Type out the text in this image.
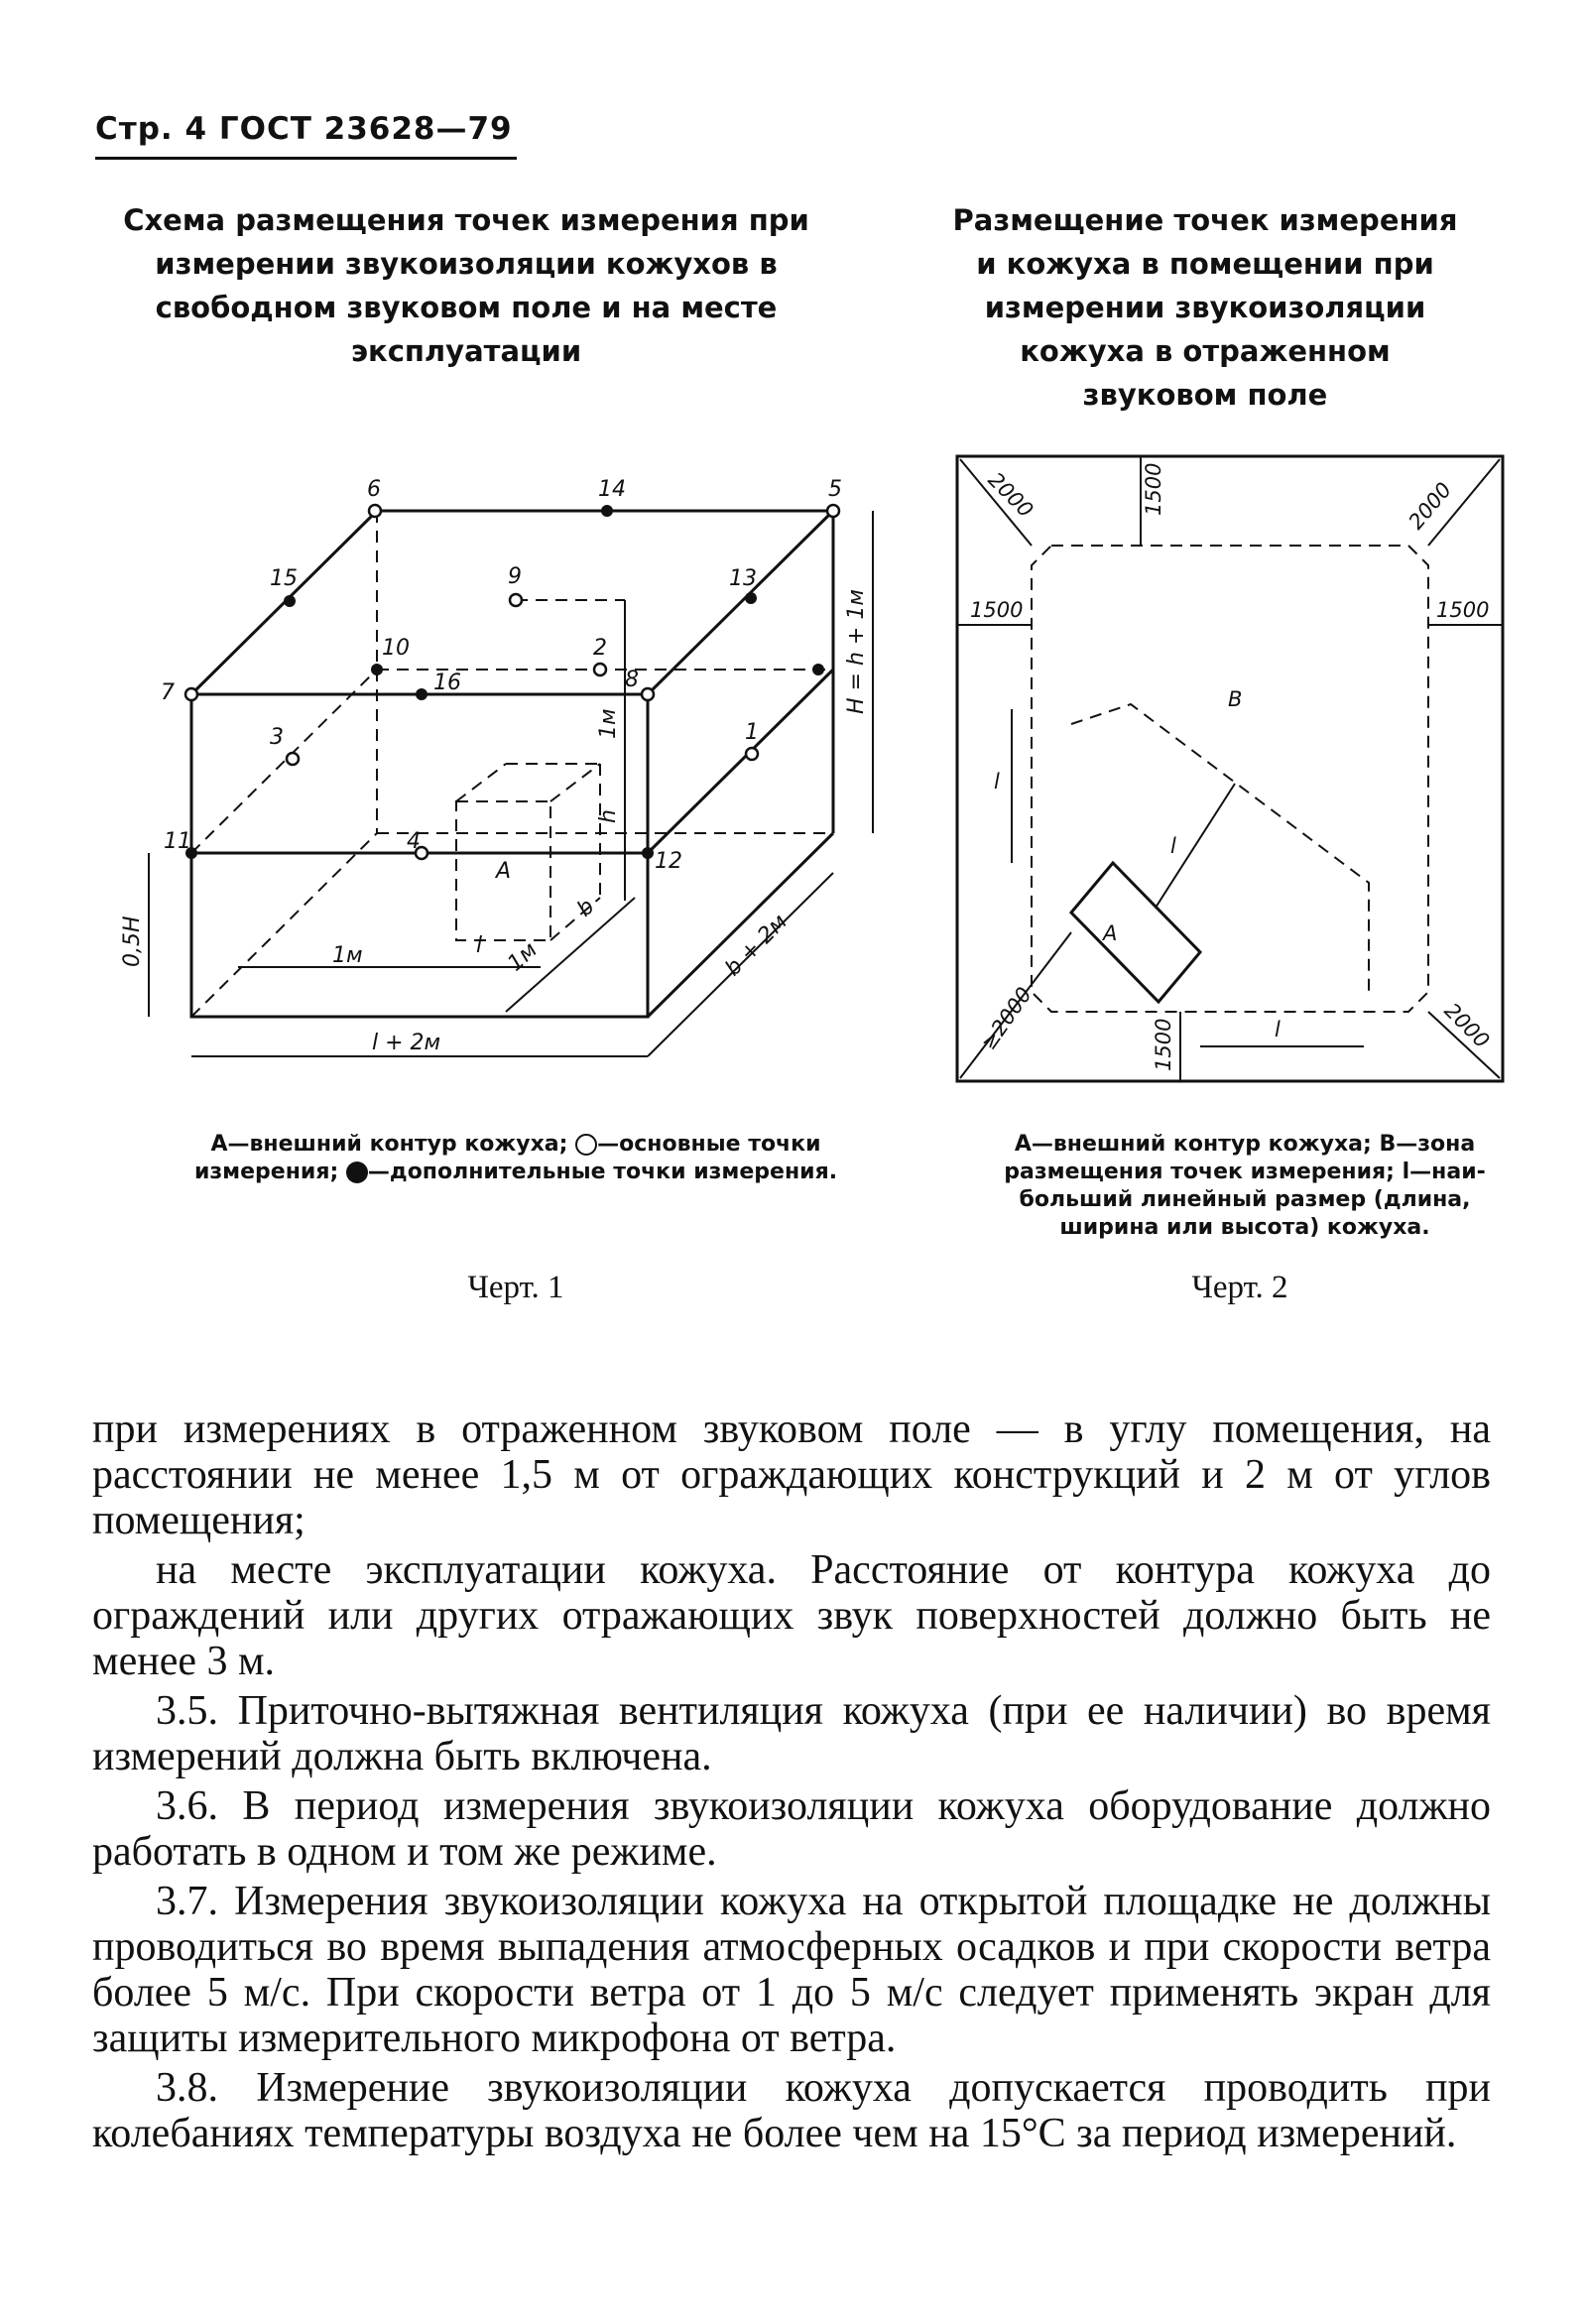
Стр. 4 ГОСТ 23628—79
Схема размещения точек измерения при
измерении звукоизоляции кожухов в
свободном звуковом поле и на месте
эксплуатации
Размещение точек измерения
и кожуха в помещении при
измерении звукоизоляции
кожуха в отраженном
звуковом поле
1
2
3
4
5
6
7
8
9
10
11
12
13
14
15
16
A
1м	l 1м
b
l + 2м
b + 2м
0,5H
h
1м
H = h + 1м
2000	2000
2000
≥2000
1500
1500	1500
1500
B
A
l
l
l
A—внешний контур кожуха; —основные точки
измерения; —дополнительные точки измерения.
A—внешний контур кожуха; B—зона
размещения точек измерения; l—наи-
больший линейный размер (длина,
ширина или высота) кожуха.
Черт. 1	Черт. 2

при измерениях в отраженном звуковом поле — в углу помещения, на расстоянии не менее 1,5 м от ограждающих конструкций и 2 м от углов помещения;

на месте эксплуатации кожуха. Расстояние от контура кожуха до ограждений или других отражающих звук поверхностей должно быть не менее 3 м.

3.5. Приточно-вытяжная вентиляция кожуха (при ее наличии) во время измерений должна быть включена.

3.6. В период измерения звукоизоляции кожуха оборудование должно работать в одном и том же режиме.

3.7. Измерения звукоизоляции кожуха на открытой площадке не должны проводиться во время выпадения атмосферных осадков и при скорости ветра более 5 м/с. При скорости ветра от 1 до 5 м/с следует применять экран для защиты измерительного микрофона от ветра.

3.8. Измерение звукоизоляции кожуха допускается проводить при колебаниях температуры воздуха не более чем на 15°С за период измерений.
